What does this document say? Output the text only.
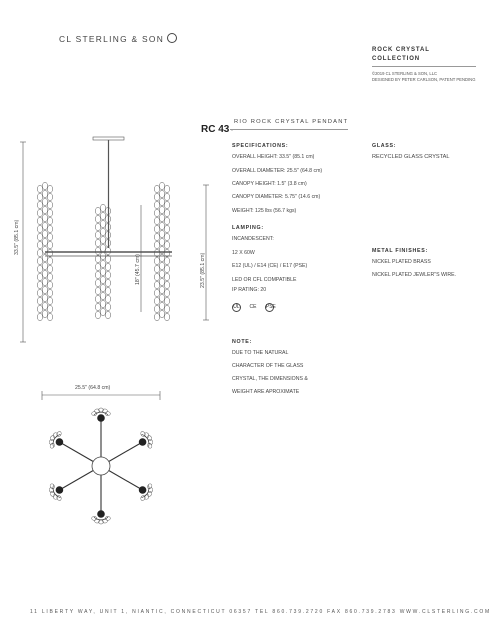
CL STERLING & SON
ROCK CRYSTAL
COLLECTION
©2019 CL STERLING & SON, LLC
DESIGNED BY PETER CARLSON, PATENT PENDING
RC 43 ·
RIO ROCK CRYSTAL PENDANT
SPECIFICATIONS:
OVERALL HEIGHT: 33.5" (85.1 cm)
OVERALL DIAMETER: 25.5" (64.8 cm)
CANOPY HEIGHT: 1.5" (3.8 cm)
CANOPY DIAMETER: 5.75" (14.6 cm)
WEIGHT: 125 lbs (56.7 kgs)
LAMPING:
INCANDESCENT:
12 X 60W
E12 (UL) / E14 (CE) / E17 (PSE)
LED OR CFL COMPATIBLE
IP RATING: 20
UL CE PSE
GLASS:
RECYCLED GLASS CRYSTAL
METAL FINISHES:
NICKEL PLATED BRASS
NICKEL PLATED JEWLER"S WIRE.
NOTE:
DUE TO THE NATURAL
CHARACTER OF THE GLASS
CRYSTAL, THE DIMENSIONS &
WEIGHT ARE APROXIMATE
25.5" (64.8 cm)
33.5" (85.1 cm)
23.5" (85.1 cm)
18" (45.7 cm)
11 LIBERTY WAY, UNIT 1, NIANTIC, CONNECTICUT 06357 TEL 860.739.2720 FAX 860.739.2783 WWW.CLSTERLING.COM
